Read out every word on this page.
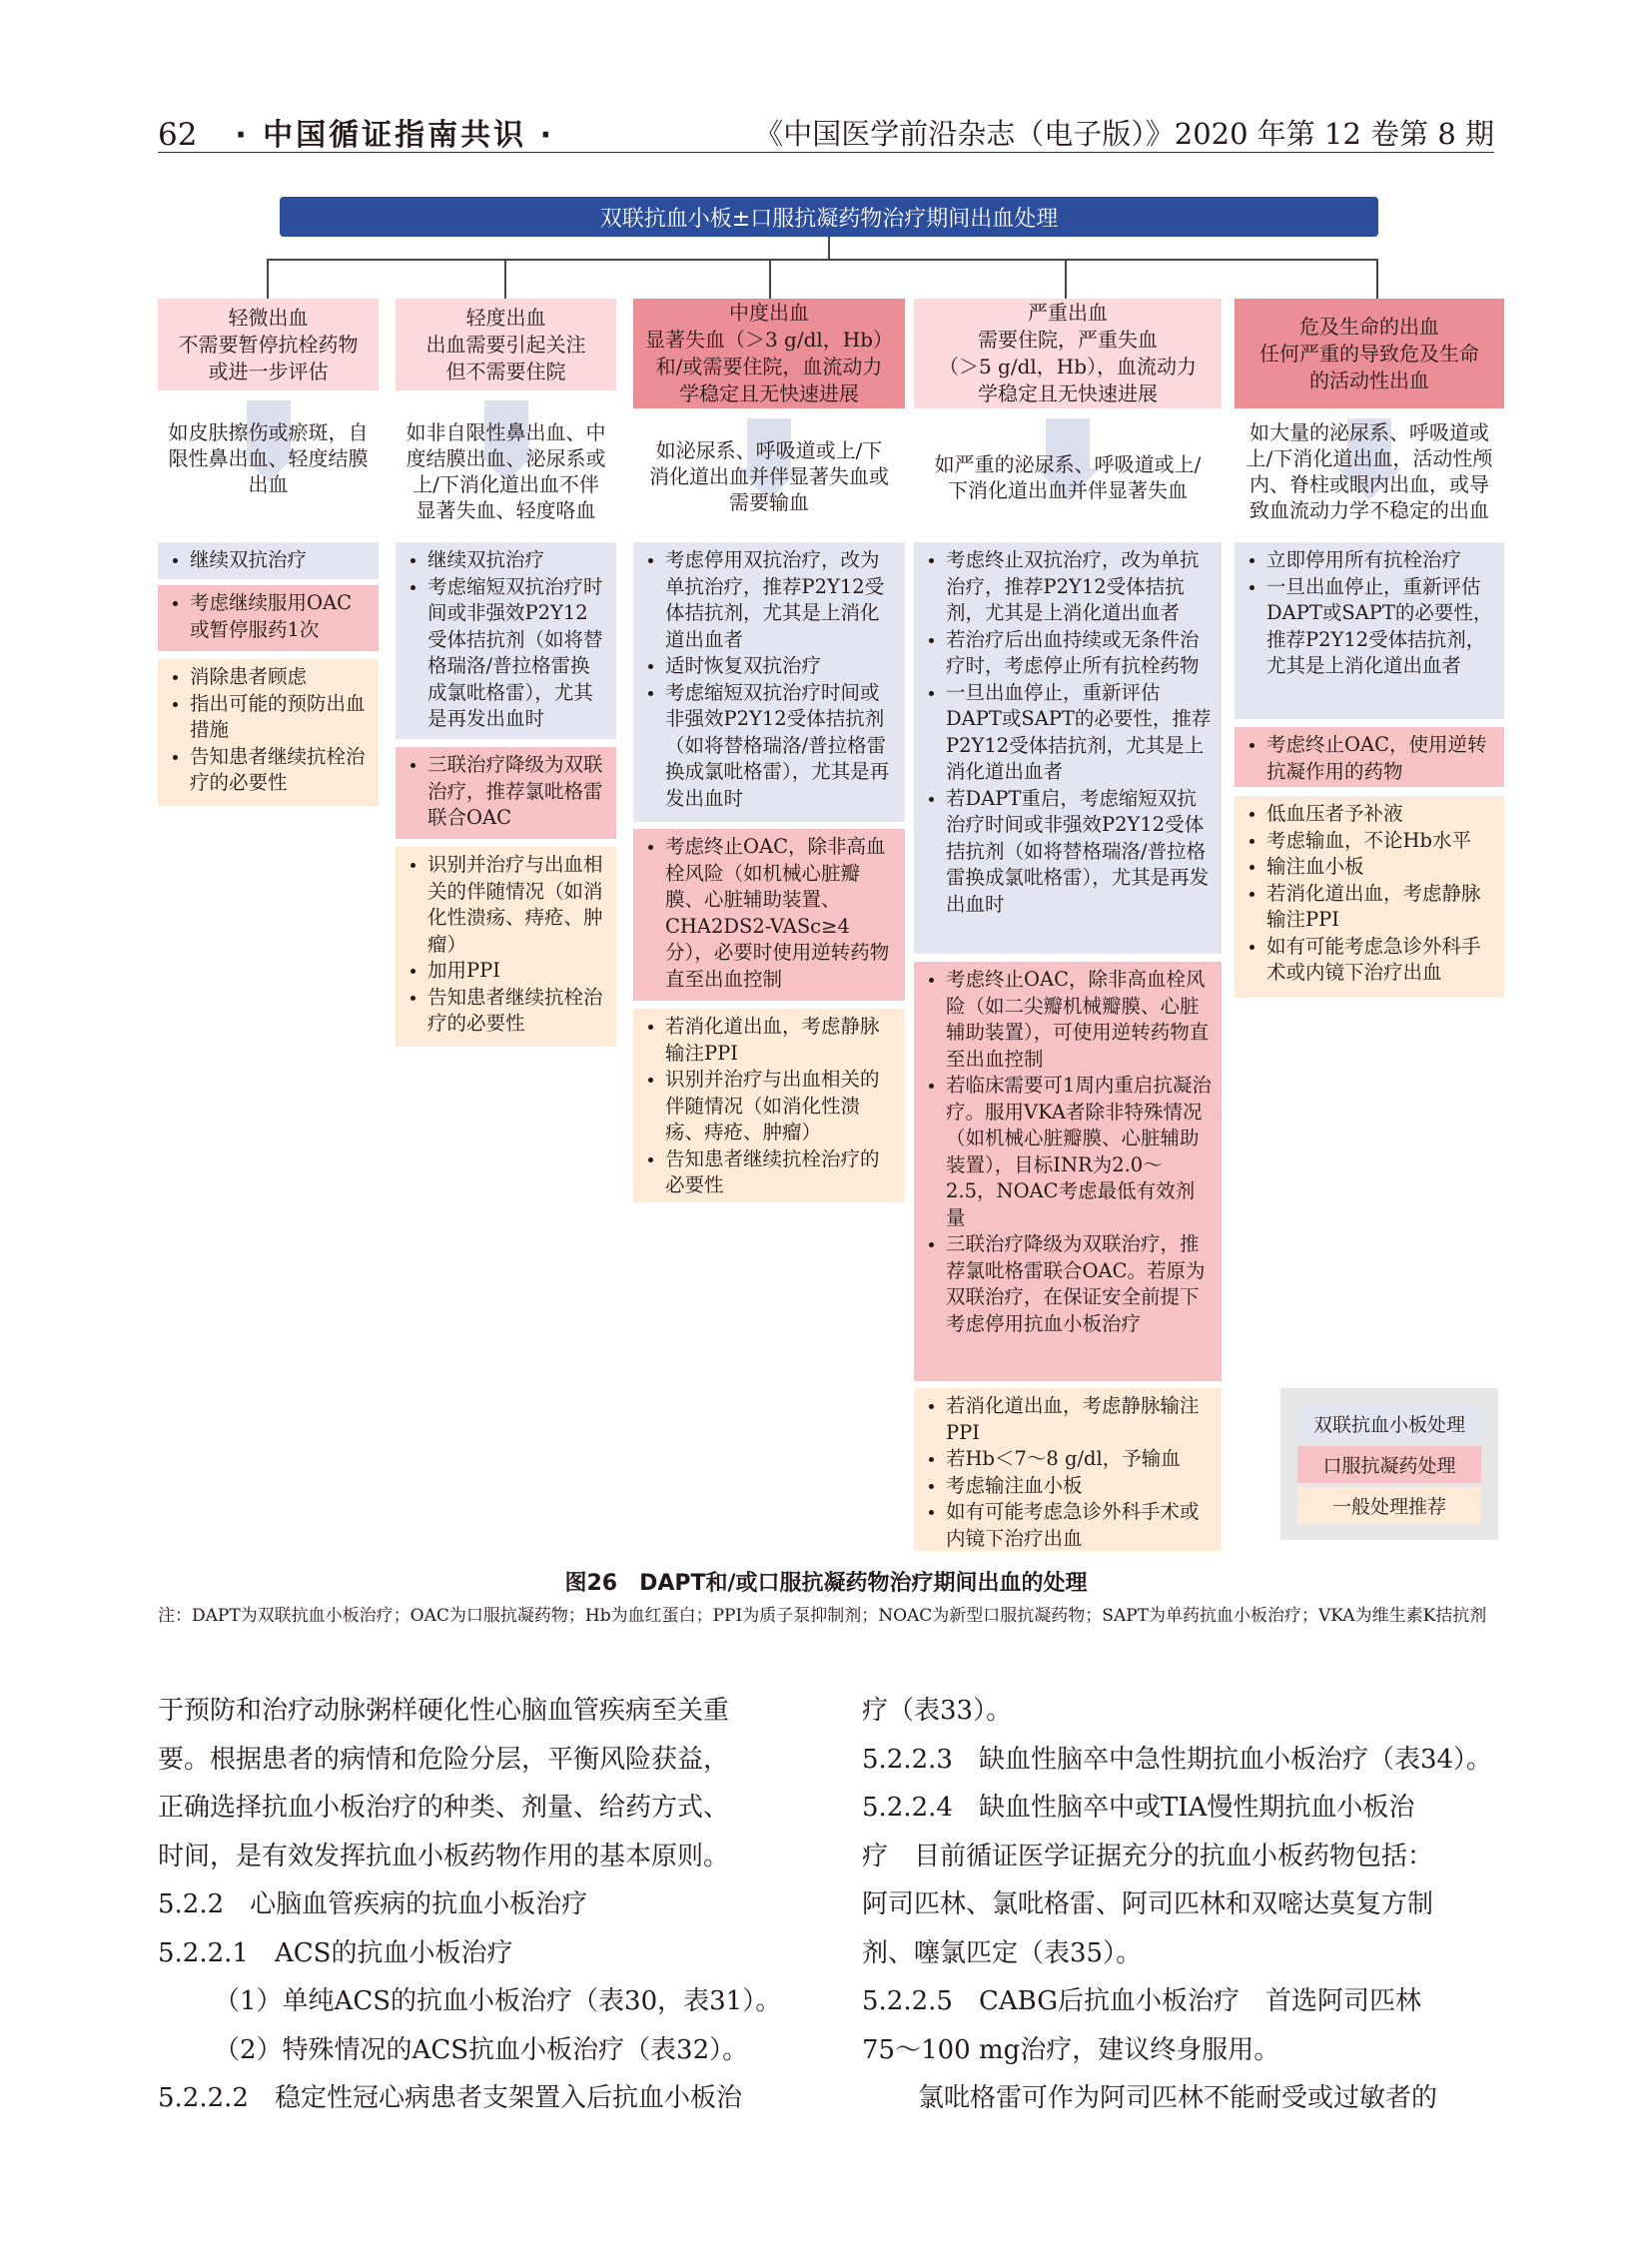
62 · 中国循证指南共识 ·	《中国医学前沿杂志（电子版）》2020 年第 12 卷第 8 期
双联抗血小板±口服抗凝药物治疗期间出血处理
轻微出血
不需要暂停抗栓药物
或进一步评估
如皮肤擦伤或瘀斑，自
限性鼻出血、轻度结膜
出血
• 继续双抗治疗
• 考虑继续服用OAC或暂停服药1次
• 消除患者顾虑
• 指出可能的预防出血措施
• 告知患者继续抗栓治疗的必要性
轻度出血
出血需要引起关注
但不需要住院
如非自限性鼻出血、中
度结膜出血、泌尿系或
上/下消化道出血不伴
显著失血、轻度咯血
• 继续双抗治疗
• 考虑缩短双抗治疗时间或非强效P2Y12受体拮抗剂（如将替格瑞洛/普拉格雷换成氯吡格雷），尤其是再发出血时
• 三联治疗降级为双联治疗，推荐氯吡格雷联合OAC
• 识别并治疗与出血相关的伴随情况（如消化性溃疡、痔疮、肿瘤）
• 加用PPI
• 告知患者继续抗栓治疗的必要性
中度出血
显著失血（＞3 g/dl，Hb）
和/或需要住院，血流动力
学稳定且无快速进展
如泌尿系、呼吸道或上/下
消化道出血并伴显著失血或
需要输血
• 考虑停用双抗治疗，改为单抗治疗，推荐P2Y12受体拮抗剂，尤其是上消化道出血者
• 适时恢复双抗治疗
• 考虑缩短双抗治疗时间或非强效P2Y12受体拮抗剂（如将替格瑞洛/普拉格雷换成氯吡格雷），尤其是再发出血时
• 考虑终止OAC，除非高血栓风险（如机械心脏瓣膜、心脏辅助装置、CHA2DS2-VASc≥4分），必要时使用逆转药物直至出血控制
• 若消化道出血，考虑静脉输注PPI
• 识别并治疗与出血相关的伴随情况（如消化性溃疡、痔疮、肿瘤）
• 告知患者继续抗栓治疗的必要性
严重出血
需要住院，严重失血
（＞5 g/dl，Hb），血流动力
学稳定且无快速进展
如严重的泌尿系、呼吸道或上/
下消化道出血并伴显著失血
• 考虑终止双抗治疗，改为单抗治疗，推荐P2Y12受体拮抗剂，尤其是上消化道出血者
• 若治疗后出血持续或无条件治疗时，考虑停止所有抗栓药物
• 一旦出血停止，重新评估DAPT或SAPT的必要性，推荐P2Y12受体拮抗剂，尤其是上消化道出血者
• 若DAPT重启，考虑缩短双抗治疗时间或非强效P2Y12受体拮抗剂（如将替格瑞洛/普拉格雷换成氯吡格雷），尤其是再发出血时
• 考虑终止OAC，除非高血栓风险（如二尖瓣机械瓣膜、心脏辅助装置），可使用逆转药物直至出血控制
• 若临床需要可1周内重启抗凝治疗。服用VKA者除非特殊情况（如机械心脏瓣膜、心脏辅助装置），目标INR为2.0～2.5，NOAC考虑最低有效剂量
• 三联治疗降级为双联治疗，推荐氯吡格雷联合OAC。若原为双联治疗，在保证安全前提下考虑停用抗血小板治疗
• 若消化道出血，考虑静脉输注PPI
• 若Hb＜7～8 g/dl，予输血
• 考虑输注血小板
• 如有可能考虑急诊外科手术或内镜下治疗出血
危及生命的出血
任何严重的导致危及生命
的活动性出血
如大量的泌尿系、呼吸道或
上/下消化道出血，活动性颅
内、脊柱或眼内出血，或导
致血流动力学不稳定的出血
• 立即停用所有抗栓治疗
• 一旦出血停止，重新评估DAPT或SAPT的必要性，推荐P2Y12受体拮抗剂，尤其是上消化道出血者
• 考虑终止OAC，使用逆转抗凝作用的药物
• 低血压者予补液
• 考虑输血，不论Hb水平
• 输注血小板
• 若消化道出血，考虑静脉输注PPI
• 如有可能考虑急诊外科手术或内镜下治疗出血
双联抗血小板处理
口服抗凝药处理
一般处理推荐
图26　DAPT和/或口服抗凝药物治疗期间出血的处理
注：DAPT为双联抗血小板治疗；OAC为口服抗凝药物；Hb为血红蛋白；PPI为质子泵抑制剂；NOAC为新型口服抗凝药物；SAPT为单药抗血小板治疗；VKA为维生素K拮抗剂

于预防和治疗动脉粥样硬化性心脑血管疾病至关重

要。根据患者的病情和危险分层，平衡风险获益，

正确选择抗血小板治疗的种类、剂量、给药方式、

时间，是有效发挥抗血小板药物作用的基本原则。

5.2.2　心脑血管疾病的抗血小板治疗

5.2.2.1　ACS的抗血小板治疗

（1）单纯ACS的抗血小板治疗（表30，表31）。

（2）特殊情况的ACS抗血小板治疗（表32）。

5.2.2.2　稳定性冠心病患者支架置入后抗血小板治

疗（表33）。

5.2.2.3　缺血性脑卒中急性期抗血小板治疗（表34）。

5.2.2.4　缺血性脑卒中或TIA慢性期抗血小板治

疗　目前循证医学证据充分的抗血小板药物包括：

阿司匹林、氯吡格雷、阿司匹林和双嘧达莫复方制

剂、噻氯匹定（表35）。

5.2.2.5　CABG后抗血小板治疗　首选阿司匹林

75～100 mg治疗，建议终身服用。

氯吡格雷可作为阿司匹林不能耐受或过敏者的
